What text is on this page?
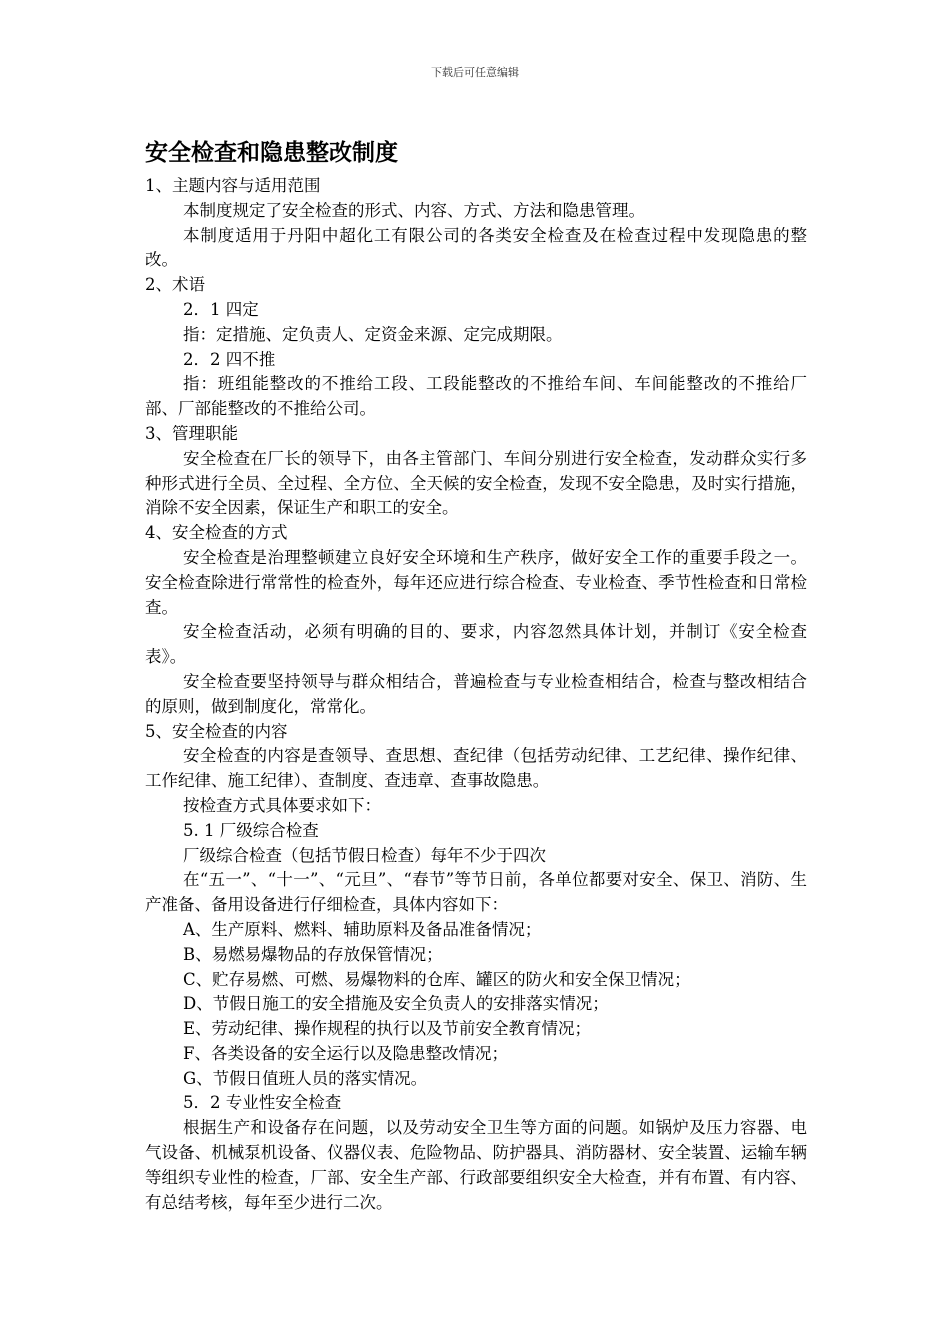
下载后可任意编辑
安全检查和隐患整改制度

1、主题内容与适用范围

本制度规定了安全检查的形式、内容、方式、方法和隐患管理。

本制度适用于丹阳中超化工有限公司的各类安全检查及在检查过程中发现隐患的整改。

2、术语

2．1 四定

指：定措施、定负责人、定资金来源、定完成期限。

2．2 四不推

指：班组能整改的不推给工段、工段能整改的不推给车间、车间能整改的不推给厂部、厂部能整改的不推给公司。

3、管理职能

安全检查在厂长的领导下，由各主管部门、车间分别进行安全检查，发动群众实行多种形式进行全员、全过程、全方位、全天候的安全检查，发现不安全隐患，及时实行措施，消除不安全因素，保证生产和职工的安全。

4、安全检查的方式

安全检查是治理整顿建立良好安全环境和生产秩序，做好安全工作的重要手段之一。安全检查除进行常常性的检查外，每年还应进行综合检查、专业检查、季节性检查和日常检查。

安全检查活动，必须有明确的目的、要求，内容忽然具体计划，并制订《安全检查表》。

安全检查要坚持领导与群众相结合，普遍检查与专业检查相结合，检查与整改相结合的原则，做到制度化，常常化。

5、安全检查的内容

安全检查的内容是查领导、查思想、查纪律（包括劳动纪律、工艺纪律、操作纪律、工作纪律、施工纪律）、查制度、查违章、查事故隐患。

按检查方式具体要求如下：

5. 1 厂级综合检查

厂级综合检查（包括节假日检查）每年不少于四次

在“五一”、“十一”、“元旦”、“春节”等节日前，各单位都要对安全、保卫、消防、生产准备、备用设备进行仔细检查，具体内容如下：

A、生产原料、燃料、辅助原料及备品准备情况；

B、易燃易爆物品的存放保管情况；

C、贮存易燃、可燃、易爆物料的仓库、罐区的防火和安全保卫情况；

D、节假日施工的安全措施及安全负责人的安排落实情况；

E、劳动纪律、操作规程的执行以及节前安全教育情况；

F、各类设备的安全运行以及隐患整改情况；

G、节假日值班人员的落实情况。

5．2 专业性安全检查

根据生产和设备存在问题，以及劳动安全卫生等方面的问题。如锅炉及压力容器、电气设备、机械泵机设备、仪器仪表、危险物品、防护器具、消防器材、安全装置、运输车辆等组织专业性的检查，厂部、安全生产部、行政部要组织安全大检查，并有布置、有内容、有总结考核，每年至少进行二次。
